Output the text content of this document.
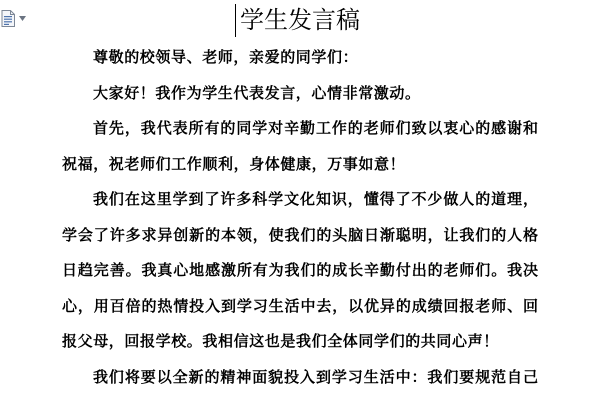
学生发言稿

尊敬的校领导、老师，亲爱的同学们：

大家好！我作为学生代表发言，心情非常激动。

首先，我代表所有的同学对辛勤工作的老师们致以衷心的感谢和
祝福，祝老师们工作顺利，身体健康，万事如意！

我们在这里学到了许多科学文化知识，懂得了不少做人的道理，
学会了许多求异创新的本领，使我们的头脑日渐聪明，让我们的人格
日趋完善。我真心地感激所有为我们的成长辛勤付出的老师们。我决
心，用百倍的热情投入到学习生活中去，以优异的成绩回报老师、回
报父母，回报学校。我相信这也是我们全体同学们的共同心声！

我们将要以全新的精神面貌投入到学习生活中：我们要规范自己
